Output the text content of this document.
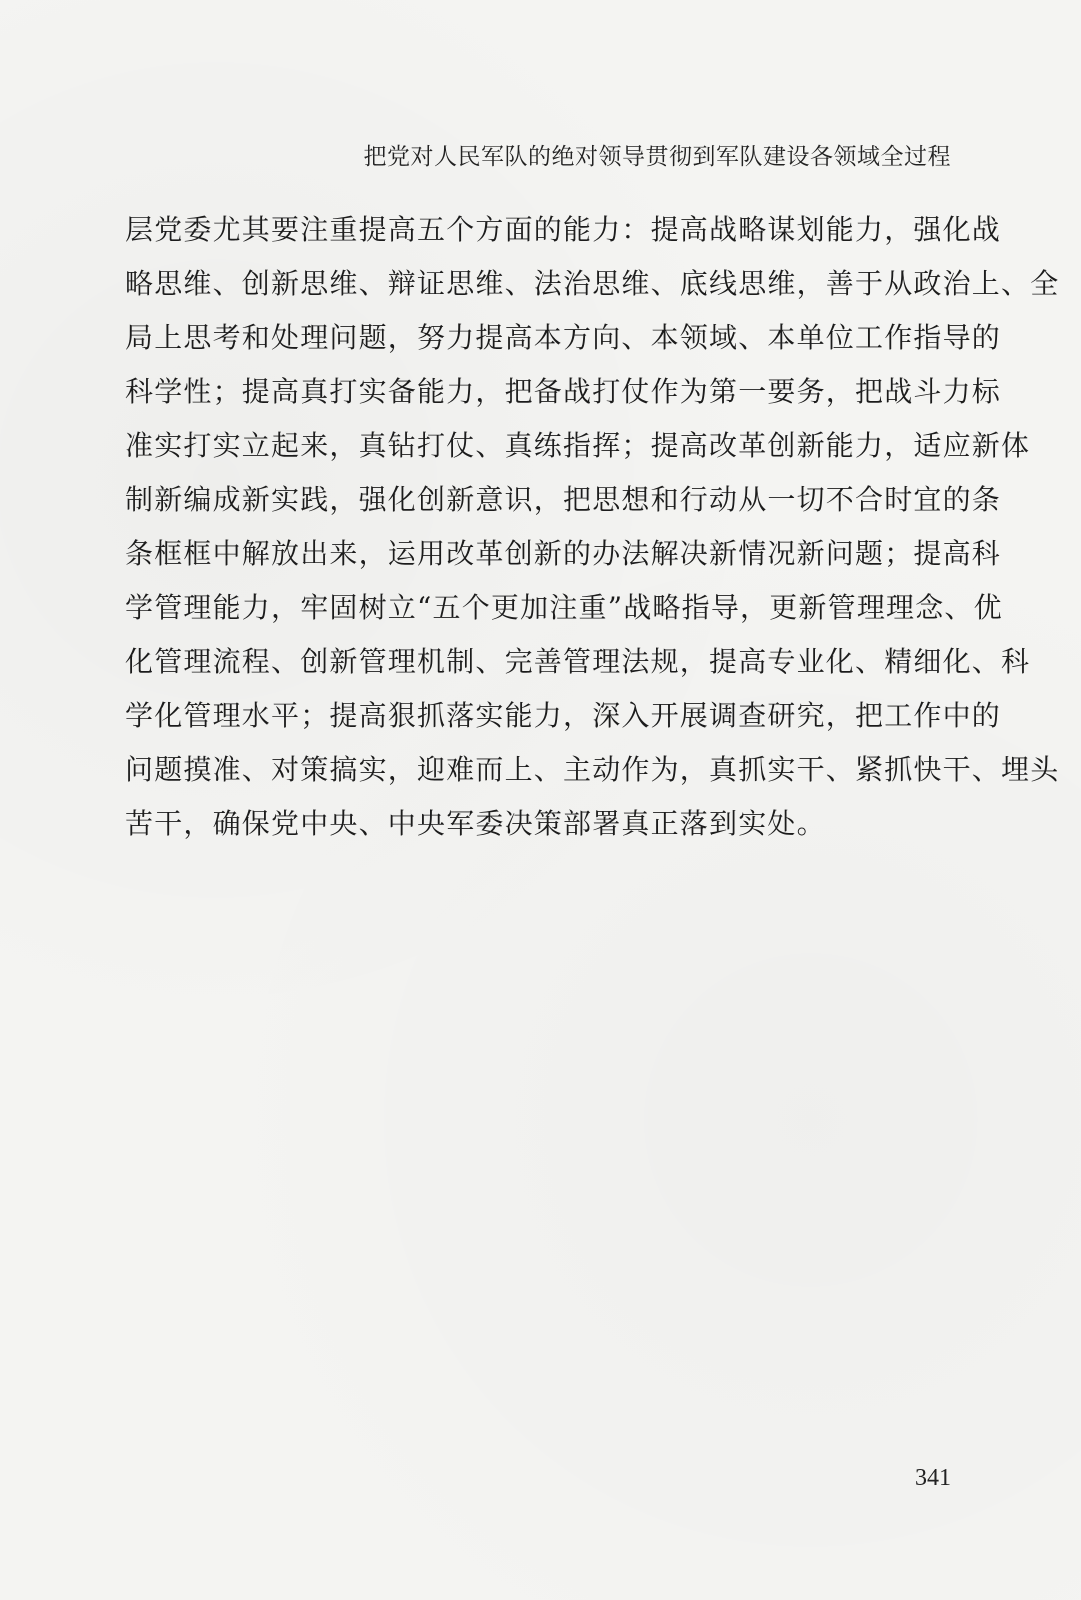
把党对人民军队的绝对领导贯彻到军队建设各领域全过程
层党委尤其要注重提高五个方面的能力：提高战略谋划能力，强化战
略思维、创新思维、辩证思维、法治思维、底线思维，善于从政治上、全
局上思考和处理问题，努力提高本方向、本领域、本单位工作指导的
科学性；提高真打实备能力，把备战打仗作为第一要务，把战斗力标
准实打实立起来，真钻打仗、真练指挥；提高改革创新能力，适应新体
制新编成新实践，强化创新意识，把思想和行动从一切不合时宜的条
条框框中解放出来，运用改革创新的办法解决新情况新问题；提高科
学管理能力，牢固树立“五个更加注重”战略指导，更新管理理念、优
化管理流程、创新管理机制、完善管理法规，提高专业化、精细化、科
学化管理水平；提高狠抓落实能力，深入开展调查研究，把工作中的
问题摸准、对策搞实，迎难而上、主动作为，真抓实干、紧抓快干、埋头
苦干，确保党中央、中央军委决策部署真正落到实处。
341
